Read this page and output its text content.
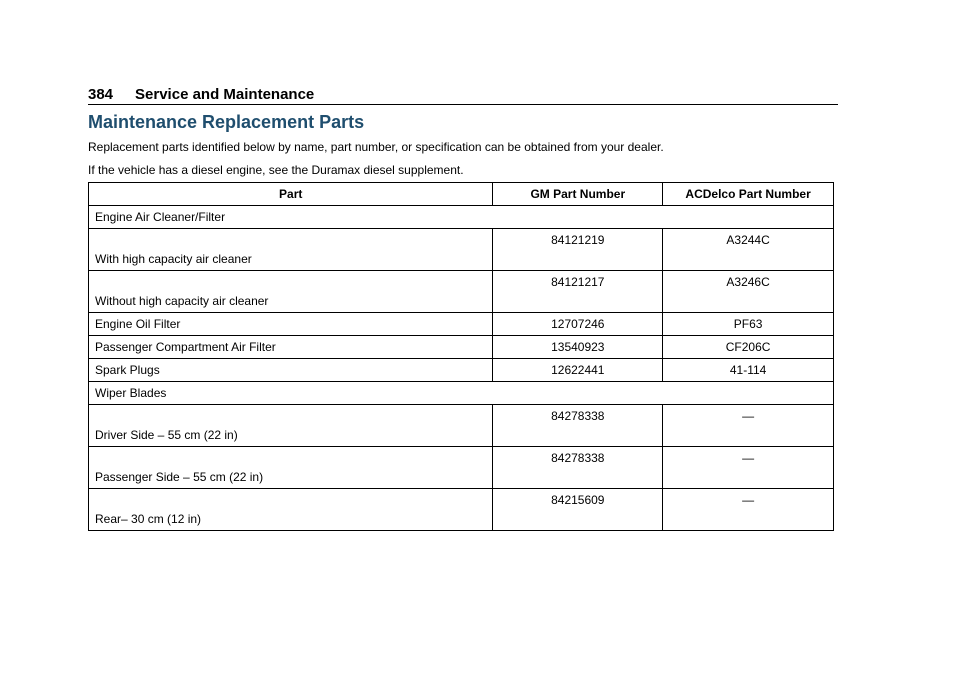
384 Service and Maintenance
Maintenance Replacement Parts

Replacement parts identified below by name, part number, or specification can be obtained from your dealer.

If the vehicle has a diesel engine, see the Duramax diesel supplement.

Part	GM Part Number	ACDelco Part Number
Engine Air Cleaner/Filter		
With high capacity air cleaner	84121219	A3244C
Without high capacity air cleaner	84121217	A3246C
Engine Oil Filter	12707246	PF63
Passenger Compartment Air Filter	13540923	CF206C
Spark Plugs	12622441	41-114
Wiper Blades		
Driver Side – 55 cm (22 in)	84278338	—
Passenger Side – 55 cm (22 in)	84278338	—
Rear– 30 cm (12 in)	84215609	—
